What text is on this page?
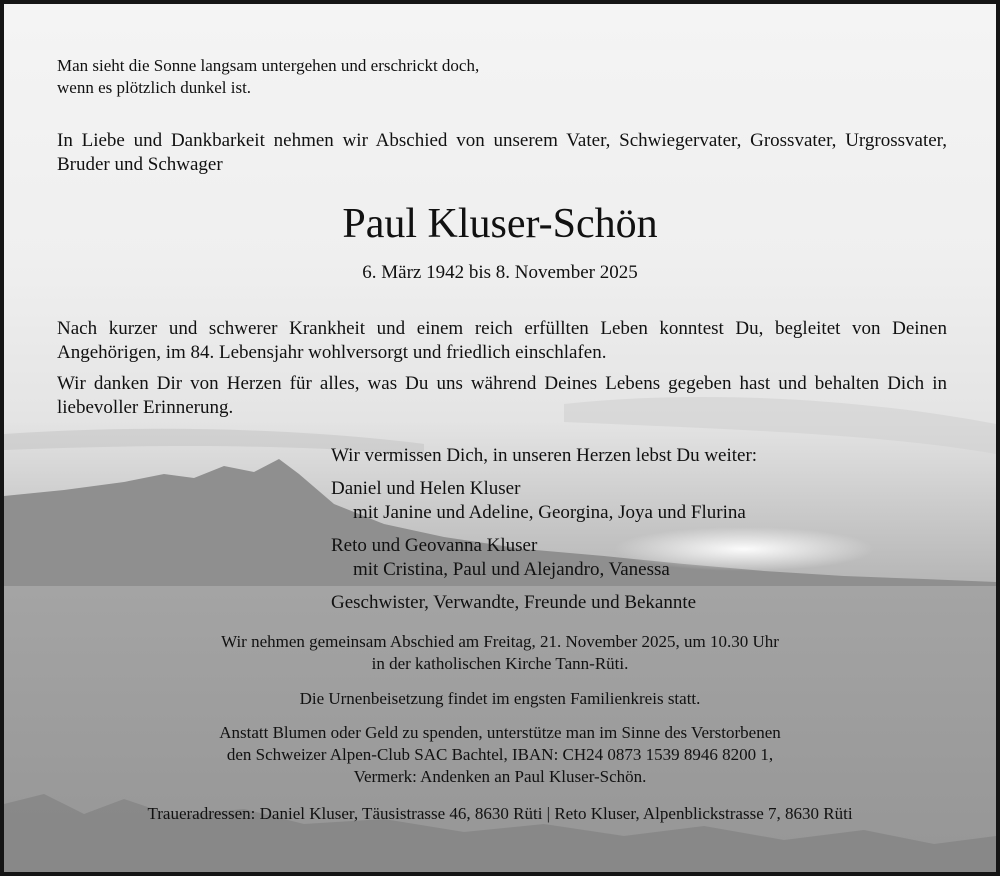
Man sieht die Sonne langsam untergehen und erschrickt doch,
wenn es plötzlich dunkel ist.

In Liebe und Dankbarkeit nehmen wir Abschied von unserem Vater, Schwiegervater, Grossvater, Urgrossvater, Bruder und Schwager

Paul Kluser-Schön

6. März 1942 bis 8. November 2025

Nach kurzer und schwerer Krankheit und einem reich erfüllten Leben konntest Du, begleitet von Deinen Angehörigen, im 84. Lebensjahr wohlversorgt und friedlich einschlafen.

Wir danken Dir von Herzen für alles, was Du uns während Deines Lebens gegeben hast und behalten Dich in liebevoller Erinnerung.

Wir vermissen Dich, in unseren Herzen lebst Du weiter:
Daniel und Helen Kluser
mit Janine und Adeline, Georgina, Joya und Flurina
Reto und Geovanna Kluser
mit Cristina, Paul und Alejandro, Vanessa
Geschwister, Verwandte, Freunde und Bekannte

Wir nehmen gemeinsam Abschied am Freitag, 21. November 2025, um 10.30 Uhr
in der katholischen Kirche Tann-Rüti.

Die Urnenbeisetzung findet im engsten Familienkreis statt.

Anstatt Blumen oder Geld zu spenden, unterstütze man im Sinne des Verstorbenen
den Schweizer Alpen-Club SAC Bachtel, IBAN: CH24 0873 1539 8946 8200 1,
Vermerk: Andenken an Paul Kluser-Schön.

Traueradressen: Daniel Kluser, Täusistrasse 46, 8630 Rüti | Reto Kluser, Alpenblickstrasse 7, 8630 Rüti
